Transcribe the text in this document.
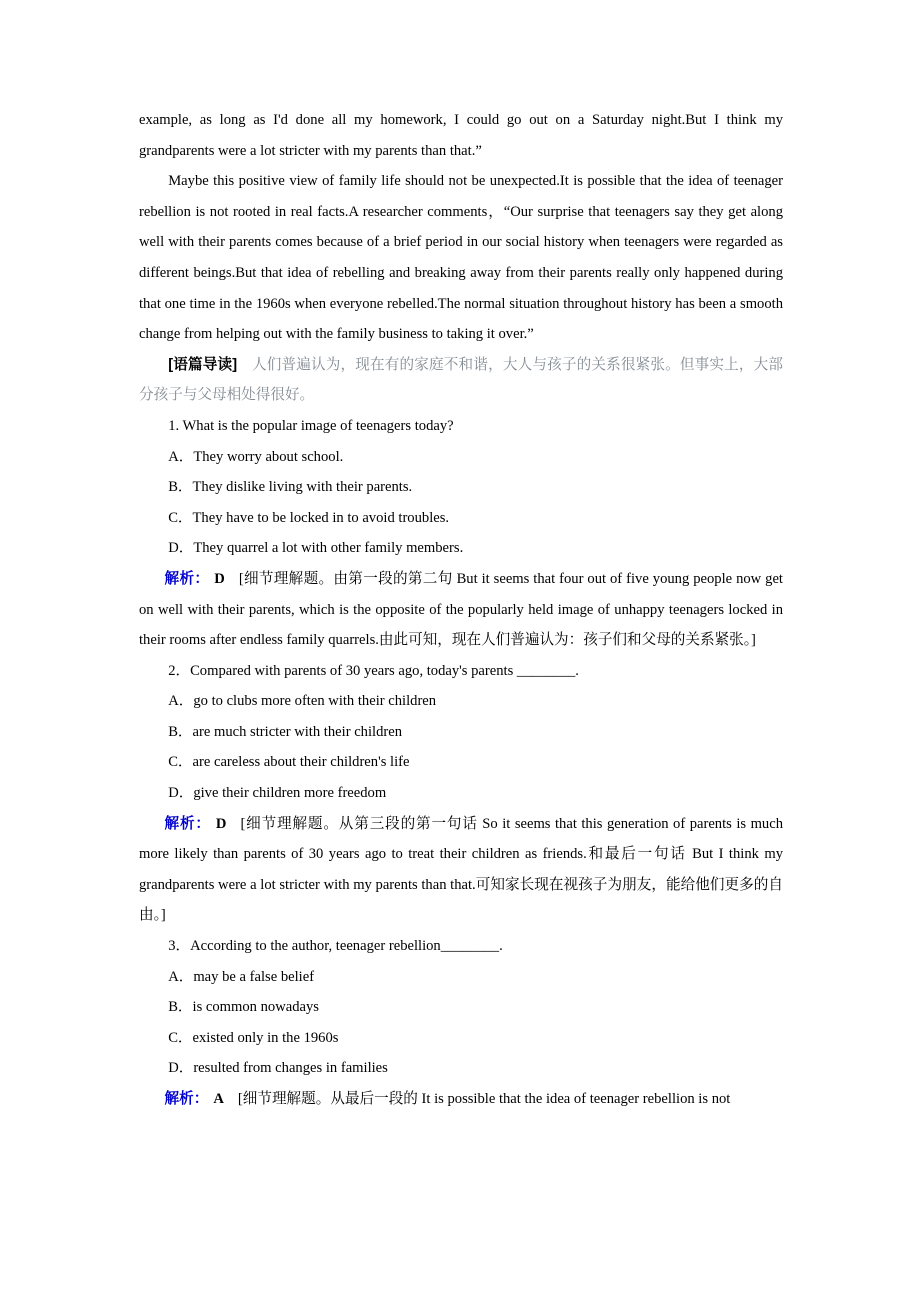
example, as long as I'd done all my homework, I could go out on a Saturday night.But I think my grandparents were a lot stricter with my parents than that.”

Maybe this positive view of family life should not be unexpected.It is possible that the idea of teenager rebellion is not rooted in real facts.A researcher comments，“Our surprise that teenagers say they get along well with their parents comes because of a brief period in our social history when teenagers were regarded as different beings.But that idea of rebelling and breaking away from their parents really only happened during that one time in the 1960s when everyone rebelled.The normal situation throughout history has been a smooth change from helping out with the family business to taking it over.”

[语篇导读]　人们普遍认为，现在有的家庭不和谐，大人与孩子的关系很紧张。但事实上，大部分孩子与父母相处得很好。

1. What is the popular image of teenagers today?

A．They worry about school.

B．They dislike living with their parents.

C．They have to be locked in to avoid troubles.

D．They quarrel a lot with other family members.

解析： D [细节理解题。由第一段的第二句 But it seems that four out of five young people now get on well with their parents, which is the opposite of the popularly held image of unhappy teenagers locked in their rooms after endless family quarrels.由此可知，现在人们普遍认为：孩子们和父母的关系紧张。]

2．Compared with parents of 30 years ago, today's parents ________.

A．go to clubs more often with their children

B．are much stricter with their children

C．are careless about their children's life

D．give their children more freedom

解析： D [细节理解题。从第三段的第一句话 So it seems that this generation of parents is much more likely than parents of 30 years ago to treat their children as friends.和最后一句话 But I think my grandparents were a lot stricter with my parents than that.可知家长现在视孩子为朋友，能给他们更多的自由。]

3．According to the author, teenager rebellion________.

A．may be a false belief

B．is common nowadays

C．existed only in the 1960s

D．resulted from changes in families

解析： A [细节理解题。从最后一段的 It is possible that the idea of teenager rebellion is not
